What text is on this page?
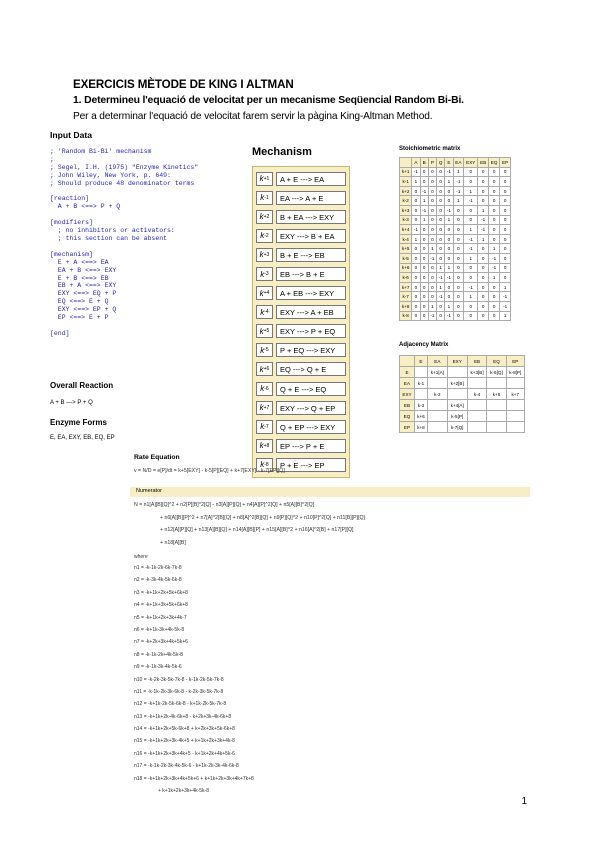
EXERCICIS MÈTODE DE KING I ALTMAN
1. Determineu l'equació de velocitat per un mecanisme Seqüencial Random Bi-Bi.
Per a determinar l'equació de velocitat farem servir la pàgina King-Altman Method.
Input Data
; 'Random Bi-Bi' mechanism
;
; Segel, I.H. (1975) "Enzyme Kinetics"
; John Wiley, New York, p. 649:
; Should produce 48 denominator terms

[reaction]
A + B <==> P + Q

[modifiers]
; no inhibitors or activators:
; this section can be absent

[mechanism]
E + A <==> EA
EA + B <==> EXY
E + B <==> EB
EB + A <==> EXY
EXY <==> EQ + P
EQ <==> E + Q
EXY <==> EP + Q
EP <==> E + P

[end]
Overall Reaction
A + B ---> P + Q
Enzyme Forms
E, EA, EXY, EB, EQ, EP
Mechanism
k +1	A + E ---> EA
k -1	EA ---> A + E
k +2	B + EA ---> EXY
k -2	EXY ---> B + EA
k +3	B + E ---> EB
k -3	EB ---> B + E
k +4	A + EB ---> EXY
k -4	EXY ---> A + EB
k +5	EXY ---> P + EQ
k -5	P + EQ ---> EXY
k +6	EQ ---> Q + E
k -6	Q + E ---> EQ
k +7	EXY ---> Q + EP
k -7	Q + EP ---> EXY
k +8	EP ---> P + E
k -8	P + E ---> EP
Stoichiometric matrix
	A	B	P	Q	E	EA	EXY	EB	EQ	EP
k+1	-1	0	0	0	-1	1	0	0	0	0
k-1	1	0	0	0	1	-1	0	0	0	0
k+2	0	-1	0	0	0	-1	1	0	0	0
k-2	0	1	0	0	0	1	-1	0	0	0
k+3	0	-1	0	0	-1	0	0	1	0	0
k-3	0	1	0	0	1	0	0	-1	0	0
k+4	-1	0	0	0	0	0	1	-1	0	0
k-4	1	0	0	0	0	0	-1	1	0	0
k+5	0	0	1	0	0	0	-1	0	1	0
k-5	0	0	-1	0	0	0	1	0	-1	0
k+6	0	0	0	1	1	0	0	0	-1	0
k-6	0	0	0	-1	-1	0	0	0	1	0
k+7	0	0	0	1	0	0	-1	0	0	1
k-7	0	0	0	-1	0	0	1	0	0	-1
k+8	0	0	1	0	1	0	0	0	0	-1
k-8	0	0	-1	0	-1	0	0	0	0	1
Adjacency Matrix
	E	EA	EXY	EB	EQ	EP
E		k+1[A]		k+3[B]	k-6[Q]	k-8[P]
EA	k-1		k+2[B]			
EXY		k-2		k-4	k+5	k+7
EB	k-3		k+4[A]			
EQ	k+6		k-5[P]			
EP	k+8		k-7[Q]			
Rate Equation
v = N/D = e[P]/dt = k+5[EXY] - k-5[P][EQ] + k+7[EXY] - k-7[EP][Q]
Numerator
N = n1[A][B][Q]^2 + n2[P][B]^2[Q] - n3[A][P][Q] + n4[A][P]^2[Q] + n5[A][B]^2[Q]
+ n6[A][B][P]^2 + n7[A]^2[B][Q] + n8[A]^2[B][Q] + n9[P][Q]^2 + n10[P]^2[Q] + n11[B][P][Q]
+ n12[A][P][Q] + n13[A][B][Q] + n14[A][B][P] + n15[A][B]^2 + n16[A]^2[B] + n17[P][Q]
+ n18[A][B]
where
n1 = -k-1k-2k-6k-7k-8
n2 = -k-3k-4k-5k-6k-8
n3 = -k+1k+2k+5k+6k+8
n4 = -k+1k+3k+5k+6k+8
n5 = -k+1k+2k+3k+4k-7
n6 = -k+1k-3k+4k-5k-8
n7 = -k+2k+3k+4k+5k+6
n8 = -k-1k-2k+4k-5k-8
n9 = -k-1k-3k-4k-5k-6
n10 = -k-2k-3k-5k-7k-8 - k-1k-2k-5k-7k-8
n11 = -k-1k-2k-3k-6k-8 - k-2k-3k-5k-7k-8
n12 = -k+1k-2k-5k-6k-8 - k+1k-2k-5k-7k-8
n13 = -k+1k+2k-4k-6k+8 - k+2k+3k-4k-6k+8
n14 = -k+1k+2k+5k-6k+8 + k+2k+3k+5k-6k+8
n15 = -k+1k+2k+3k-4k+5 + k+1k+2k+3k+4k-8
n16 = -k+1k+2k+3k+4k+5 - k+1k+2k+4k+5k-6
n17 = -k-1k-2k-3k-4k-5k-6 - k+1k-2k-3k-4k-6k-8
n18 = -k+1k+2k+3k+4k+5k+6 + k+1k+2k+3k+4k+7k+8
+ k+1k+2k+3k+4k-5k-8
1
